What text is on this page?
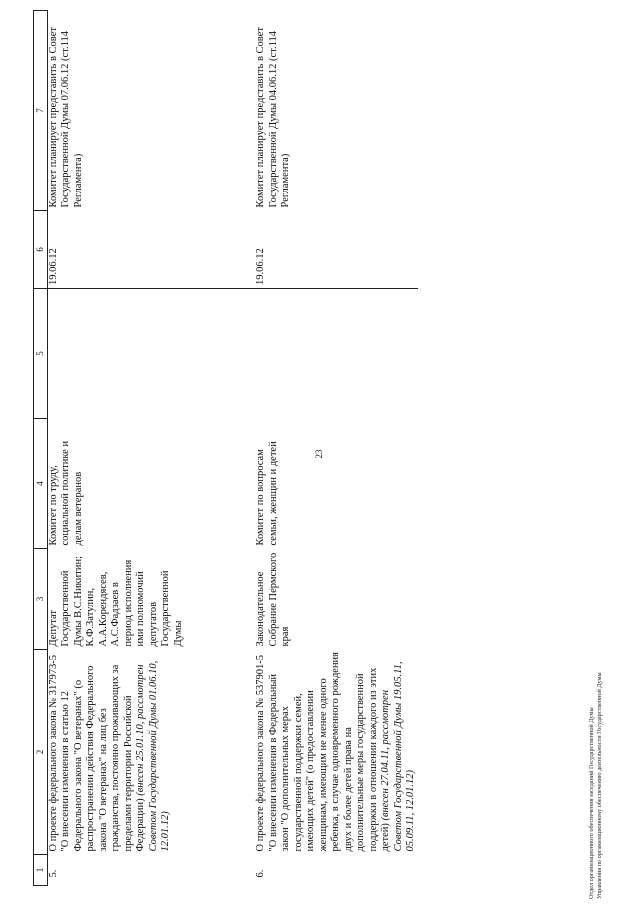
23
1	2	3	4	5	6	7
5.	О проекте федерального закона № 317973-5 "О внесении изменения в статью 12 Федерального закона "О ветеранах" (о распространении действия Федерального закона "О ветеранах" на лиц без гражданства, постоянно проживающих за пределами территории Российской Федерации) (внесен 25.01.10, рассмотрен Советом Государственной Думы 01.06.10, 12.01.12)	Депутат Государственной Думы В.С.Никитин; К.Ф.Затулин, А.А.Корендясев, А.С.Фадзаев в период исполнения ими полномочий депутатов Государственной Думы	Комитет по труду, социальной политике и делам ветеранов		19.06.12	Комитет планирует представить в Совет Государственной Думы 07.06.12 (ст.114 Регламента)
6.	О проекте федерального закона № 537901-5 "О внесении изменения в Федеральный закон "О дополнительных мерах государственной поддержки семей, имеющих детей" (о предоставлении женщинам, имеющим не менее одного ребенка, в случае одновременного рождения двух и более детей права на дополнительные меры государственной поддержки в отношении каждого из этих детей) (внесен 27.04.11, рассмотрен Советом Государственной Думы 19.05.11, 05.09.11, 12.01.12)	Законодательное Собрание Пермского края	Комитет по вопросам семьи, женщин и детей		19.06.12	Комитет планирует представить в Совет Государственной Думы 04.06.12 (ст.114 Регламента)
Отдел организационного обеспечения заседаний Государственной Думы Управления по организационному обеспечению деятельности Государственной Думы
